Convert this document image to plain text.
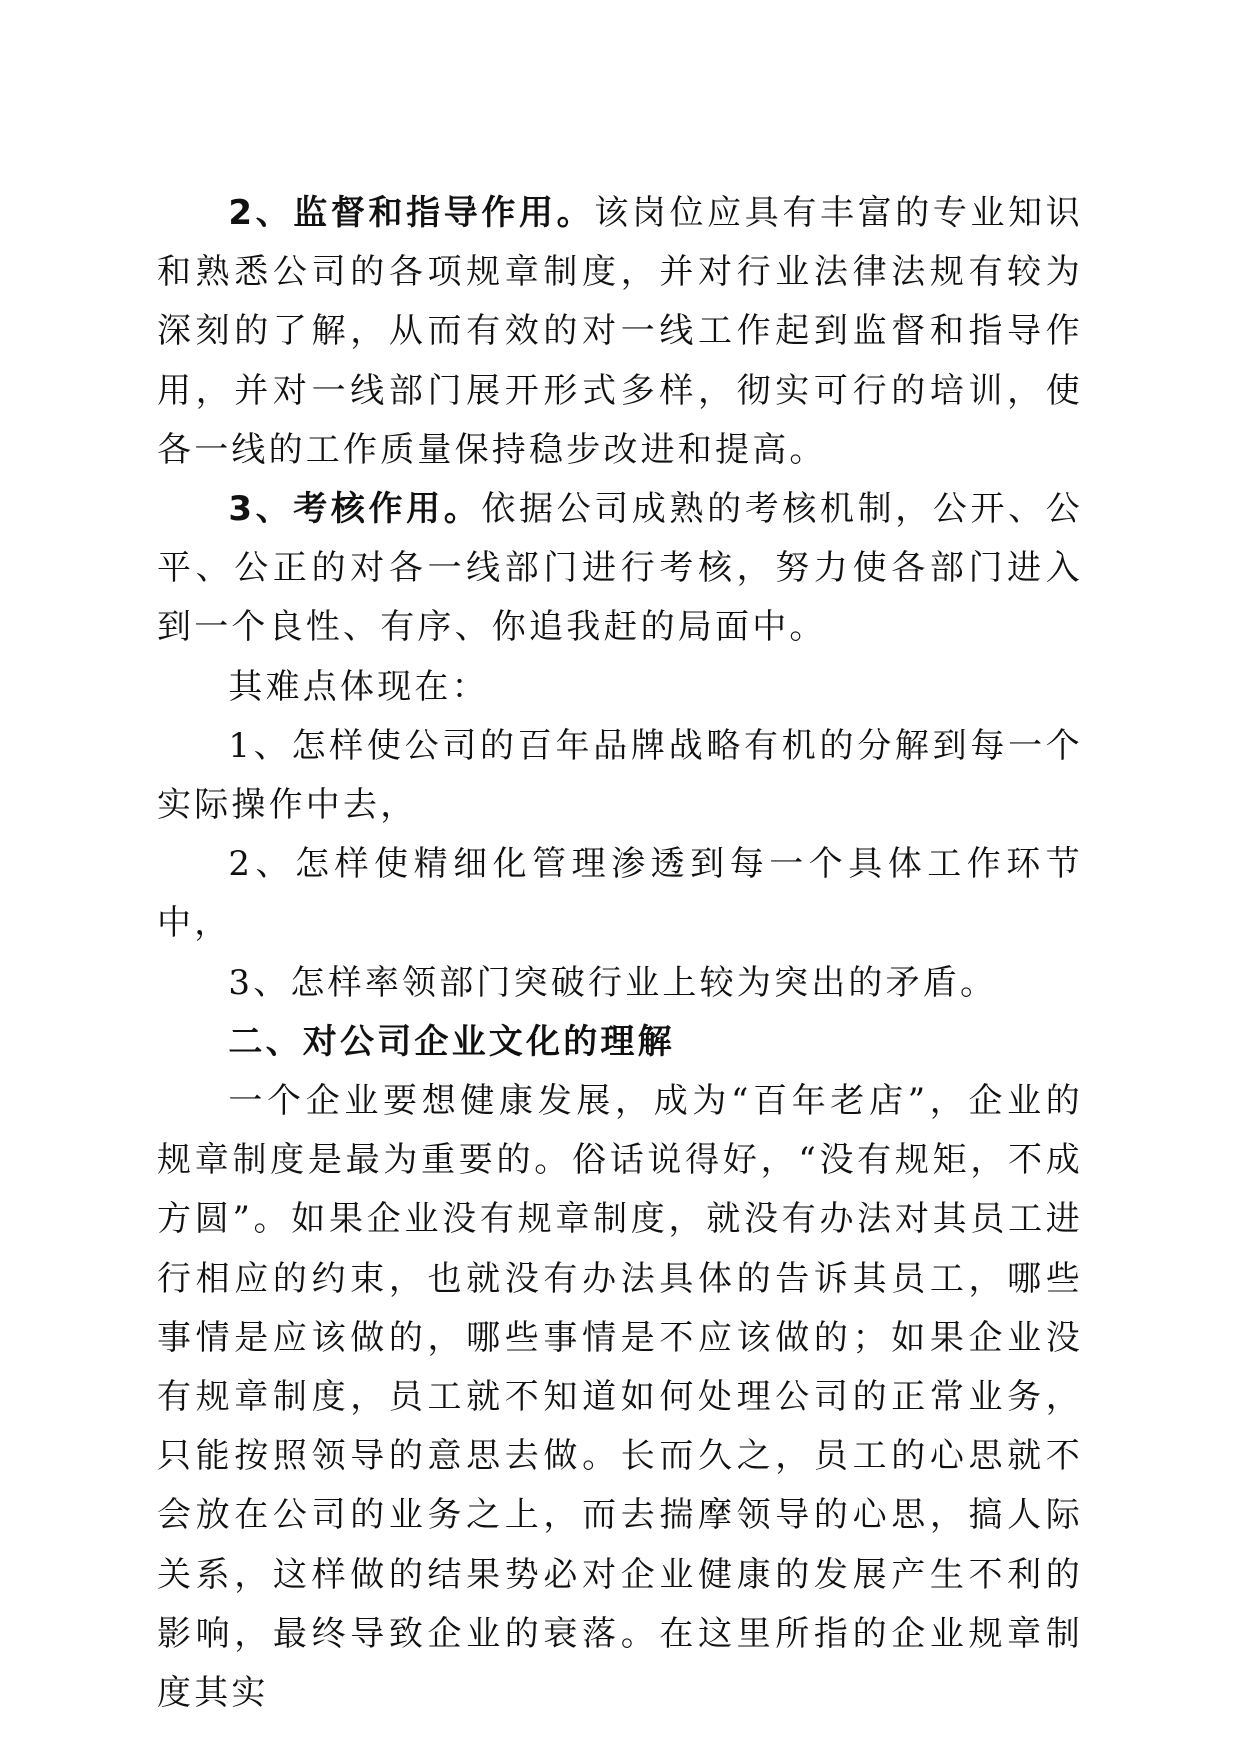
2、监督和指导作用。该岗位应具有丰富的专业知识和熟悉公司的各项规章制度，并对行业法律法规有较为深刻的了解，从而有效的对一线工作起到监督和指导作用，并对一线部门展开形式多样，彻实可行的培训，使各一线的工作质量保持稳步改进和提高。

3、考核作用。依据公司成熟的考核机制，公开、公平、公正的对各一线部门进行考核，努力使各部门进入到一个良性、有序、你追我赶的局面中。

其难点体现在：

1、怎样使公司的百年品牌战略有机的分解到每一个实际操作中去，

2、怎样使精细化管理渗透到每一个具体工作环节中，

3、怎样率领部门突破行业上较为突出的矛盾。

二、对公司企业文化的理解

一个企业要想健康发展，成为“百年老店”，企业的规章制度是最为重要的。俗话说得好，“没有规矩，不成方圆”。如果企业没有规章制度，就没有办法对其员工进行相应的约束，也就没有办法具体的告诉其员工，哪些事情是应该做的，哪些事情是不应该做的；如果企业没有规章制度，员工就不知道如何处理公司的正常业务，只能按照领导的意思去做。长而久之，员工的心思就不会放在公司的业务之上，而去揣摩领导的心思，搞人际关系，这样做的结果势必对企业健康的发展产生不利的影响，最终导致企业的衰落。在这里所指的企业规章制度其实
